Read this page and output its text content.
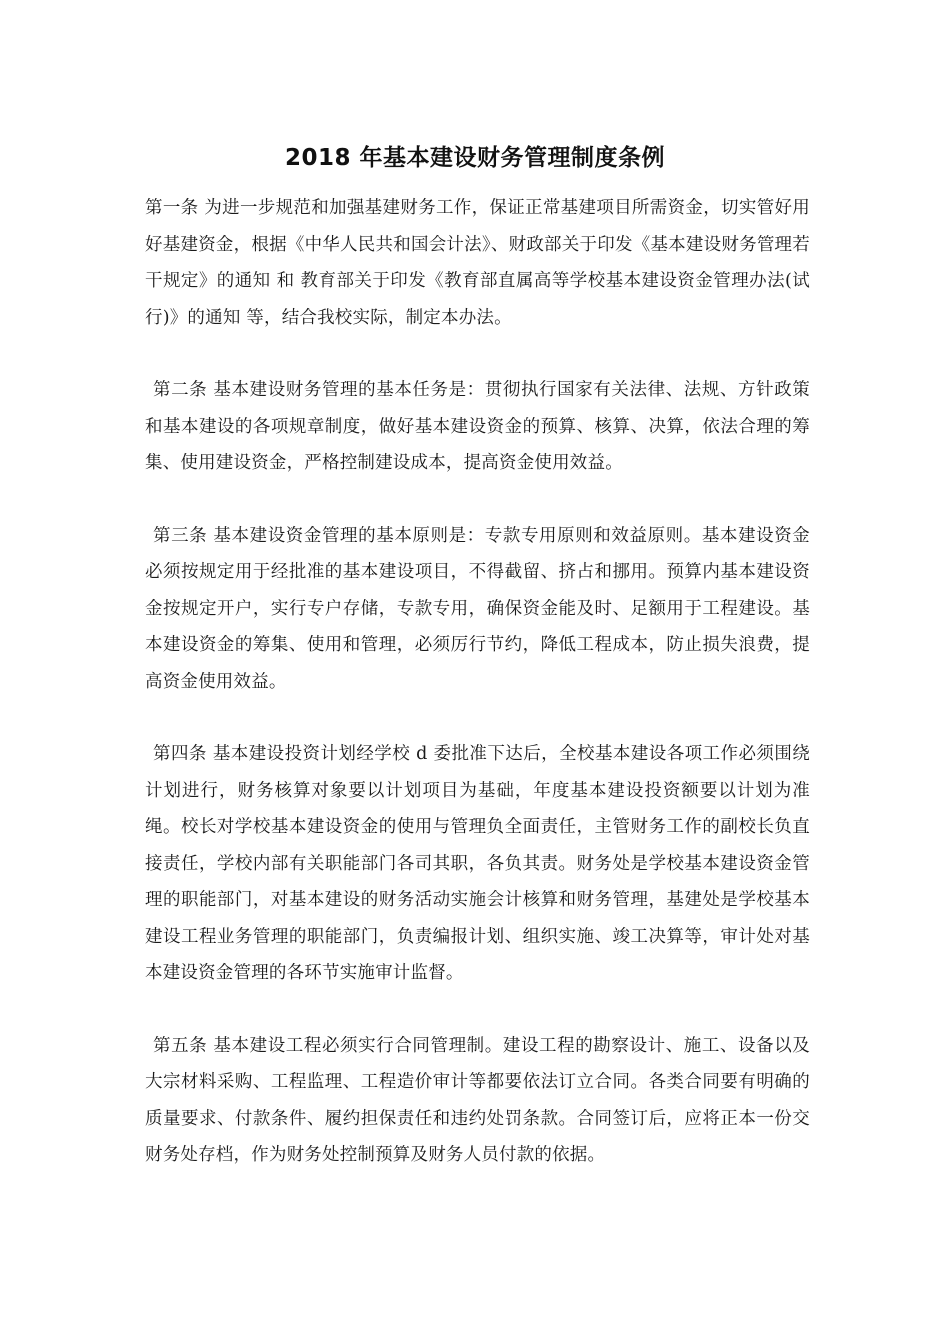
2018 年基本建设财务管理制度条例

第一条 为进一步规范和加强基建财务工作，保证正常基建项目所需资金，切实管好用好基建资金，根据《中华人民共和国会计法》、财政部关于印发《基本建设财务管理若干规定》的通知 和 教育部关于印发《教育部直属高等学校基本建设资金管理办法(试行)》的通知 等，结合我校实际，制定本办法。

第二条 基本建设财务管理的基本任务是：贯彻执行国家有关法律、法规、方针政策和基本建设的各项规章制度，做好基本建设资金的预算、核算、决算，依法合理的筹集、使用建设资金，严格控制建设成本，提高资金使用效益。

第三条 基本建设资金管理的基本原则是：专款专用原则和效益原则。基本建设资金必须按规定用于经批准的基本建设项目，不得截留、挤占和挪用。预算内基本建设资金按规定开户，实行专户存储，专款专用，确保资金能及时、足额用于工程建设。基本建设资金的筹集、使用和管理，必须厉行节约，降低工程成本，防止损失浪费，提高资金使用效益。

第四条 基本建设投资计划经学校 d 委批准下达后，全校基本建设各项工作必须围绕计划进行，财务核算对象要以计划项目为基础，年度基本建设投资额要以计划为准绳。校长对学校基本建设资金的使用与管理负全面责任，主管财务工作的副校长负直接责任，学校内部有关职能部门各司其职，各负其责。财务处是学校基本建设资金管理的职能部门，对基本建设的财务活动实施会计核算和财务管理，基建处是学校基本建设工程业务管理的职能部门，负责编报计划、组织实施、竣工决算等，审计处对基本建设资金管理的各环节实施审计监督。

第五条 基本建设工程必须实行合同管理制。建设工程的勘察设计、施工、设备以及大宗材料采购、工程监理、工程造价审计等都要依法订立合同。各类合同要有明确的质量要求、付款条件、履约担保责任和违约处罚条款。合同签订后，应将正本一份交财务处存档，作为财务处控制预算及财务人员付款的依据。
